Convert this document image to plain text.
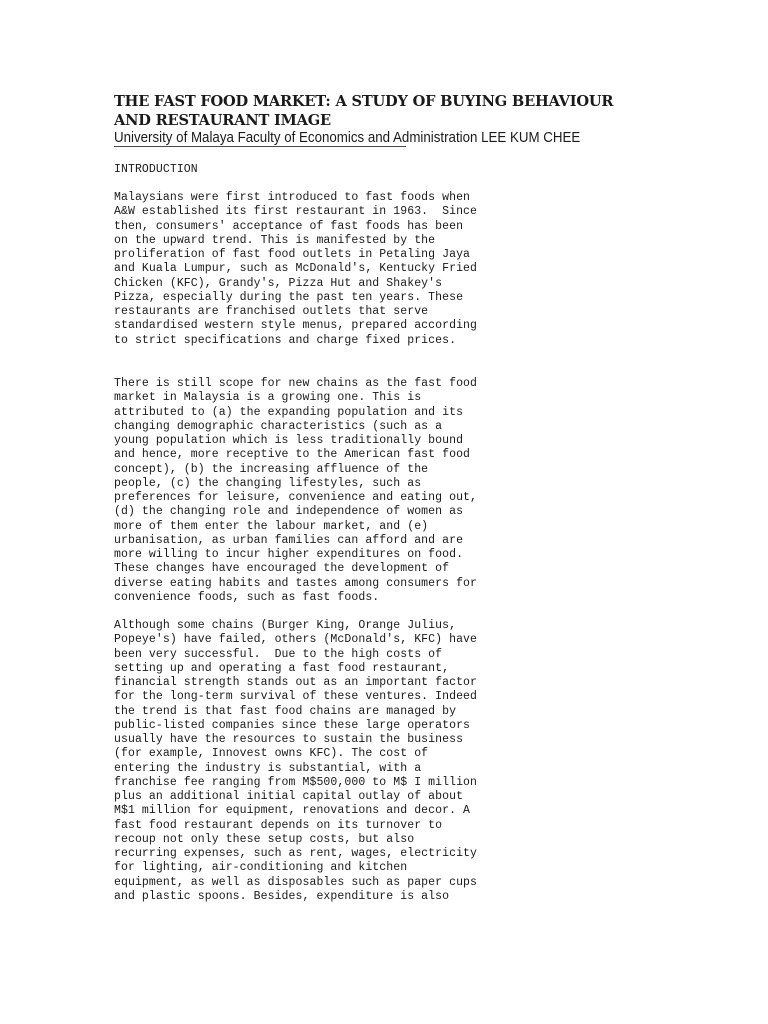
THE FAST FOOD MARKET: A STUDY OF BUYING BEHAVIOUR
AND RESTAURANT IMAGE
University of Malaya Faculty of Economics and Administration LEE KUM CHEE
INTRODUCTION

Malaysians were first introduced to fast foods when
A&W established its first restaurant in 1963.  Since
then, consumers' acceptance of fast foods has been
on the upward trend. This is manifested by the
proliferation of fast food outlets in Petaling Jaya
and Kuala Lumpur, such as McDonald's, Kentucky Fried
Chicken (KFC), Grandy's, Pizza Hut and Shakey's
Pizza, especially during the past ten years. These
restaurants are franchised outlets that serve
standardised western style menus, prepared according
to strict specifications and charge fixed prices.

There is still scope for new chains as the fast food
market in Malaysia is a growing one. This is
attributed to (a) the expanding population and its
changing demographic characteristics (such as a
young population which is less traditionally bound
and hence, more receptive to the American fast food
concept), (b) the increasing affluence of the
people, (c) the changing lifestyles, such as
preferences for leisure, convenience and eating out,
(d) the changing role and independence of women as
more of them enter the labour market, and (e)
urbanisation, as urban families can afford and are
more willing to incur higher expenditures on food.
These changes have encouraged the development of
diverse eating habits and tastes among consumers for
convenience foods, such as fast foods.

Although some chains (Burger King, Orange Julius,
Popeye's) have failed, others (McDonald's, KFC) have
been very successful.  Due to the high costs of
setting up and operating a fast food restaurant,
financial strength stands out as an important factor
for the long-term survival of these ventures. Indeed
the trend is that fast food chains are managed by
public-listed companies since these large operators
usually have the resources to sustain the business
(for example, Innovest owns KFC). The cost of
entering the industry is substantial, with a
franchise fee ranging from M$500,000 to M$ I million
plus an additional initial capital outlay of about
M$1 million for equipment, renovations and decor. A
fast food restaurant depends on its turnover to
recoup not only these setup costs, but also
recurring expenses, such as rent, wages, electricity
for lighting, air-conditioning and kitchen
equipment, as well as disposables such as paper cups
and plastic spoons. Besides, expenditure is also
